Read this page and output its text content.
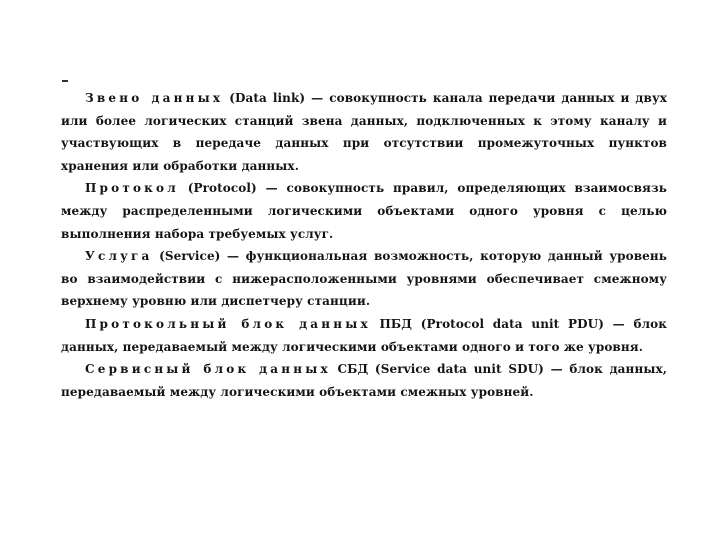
Звено данных (Data link) — совокупность канала передачи данных и двух или более логических станций звена данных, подключенных к этому каналу и участвующих в передаче данных при отсутствии промежуточных пунктов хранения или обработки данных.

Протокол (Protocol) — совокупность правил, определяющих взаимосвязь между распределенными логическими объектами одного уровня с целью выполнения набора требуемых услуг.

Услуга (Service) — функциональная возможность, которую данный уровень во взаимодействии с нижерасположенными уровнями обеспечивает смежному верхнему уровню или диспетчеру станции.

Протокольный блок данных ПБД (Protocol data unit PDU) — блок данных, передаваемый между логическими объектами одного и того же уровня.

Сервисный блок данных СБД (Service data unit SDU) — блок данных, передаваемый между логическими объектами смежных уровней.
